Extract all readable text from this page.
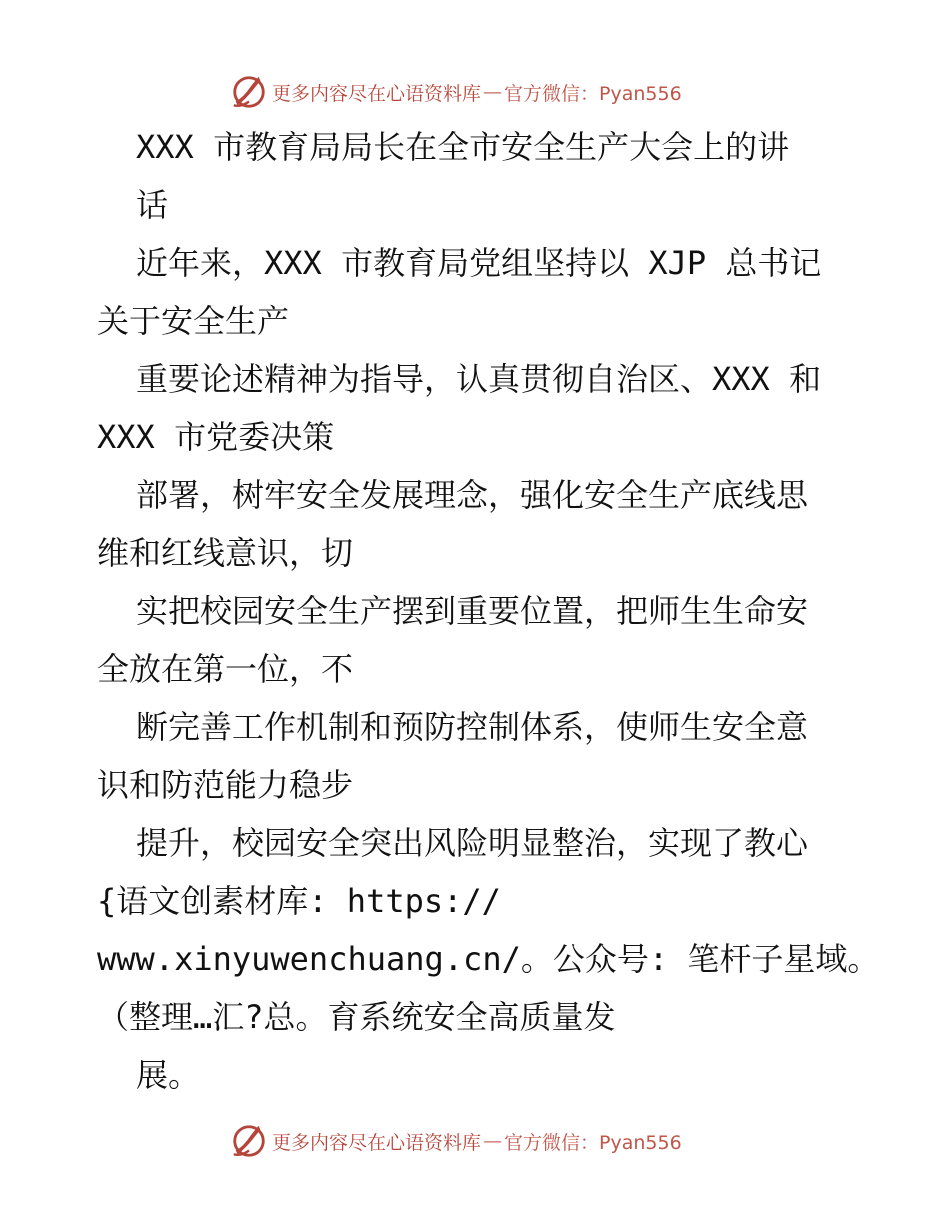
更多内容尽在心语资料库 — 官方微信：Pyan556
XXX 市教育局局长在全市安全生产大会上的讲
话
近年来，XXX 市教育局党组坚持以 XJP 总书记
关于安全生产
重要论述精神为指导，认真贯彻自治区、XXX 和
XXX 市党委决策
部署，树牢安全发展理念，强化安全生产底线思
维和红线意识，切
实把校园安全生产摆到重要位置，把师生生命安
全放在第一位，不
断完善工作机制和预防控制体系，使师生安全意
识和防范能力稳步
提升，校园安全突出风险明显整治，实现了教心
{语文创素材库: https://
www.xinyuwenchuang.cn/。公众号: 笔杆子星域。
（整理…汇?总。育系统安全高质量发
展。
更多内容尽在心语资料库 — 官方微信：Pyan556
